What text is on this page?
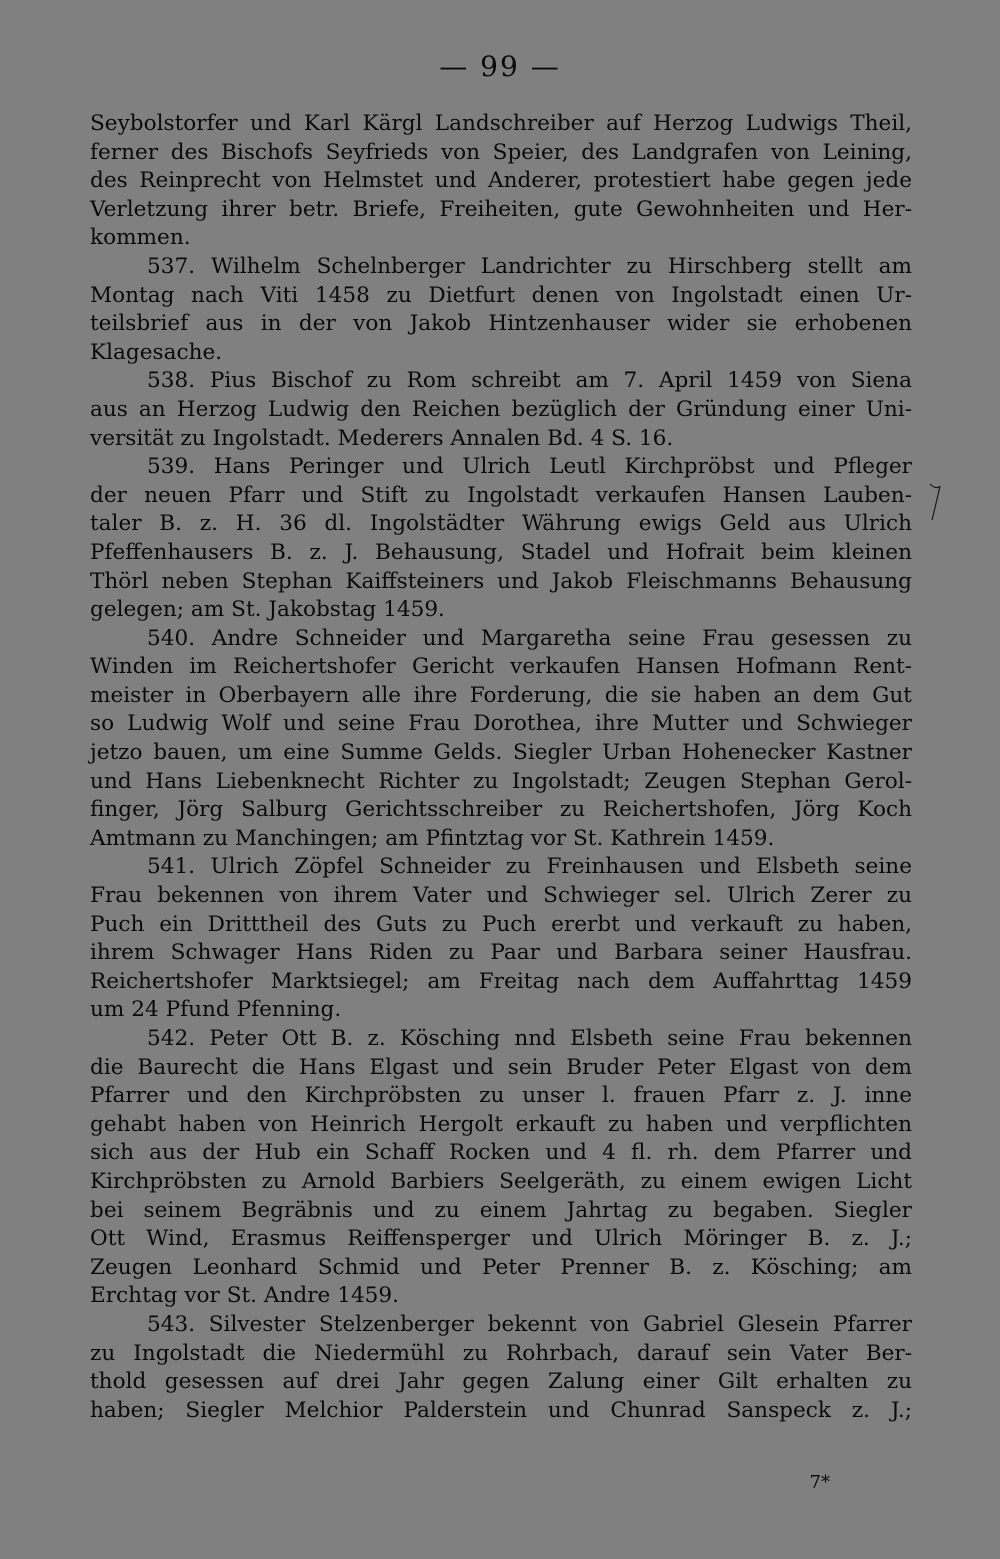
— 99 —
Seybolstorfer und Karl Kärgl Landschreiber auf Herzog Ludwigs Theil,
ferner des Bischofs Seyfrieds von Speier, des Landgrafen von Leining,
des Reinprecht von Helmstet und Anderer, protestiert habe gegen jede
Verletzung ihrer betr. Briefe, Freiheiten, gute Gewohnheiten und Her-
kommen.
537. Wilhelm Schelnberger Landrichter zu Hirschberg stellt am
Montag nach Viti 1458 zu Dietfurt denen von Ingolstadt einen Ur-
teilsbrief aus in der von Jakob Hintzenhauser wider sie erhobenen
Klagesache.
538. Pius Bischof zu Rom schreibt am 7. April 1459 von Siena
aus an Herzog Ludwig den Reichen bezüglich der Gründung einer Uni-
versität zu Ingolstadt. Mederers Annalen Bd. 4 S. 16.
539. Hans Peringer und Ulrich Leutl Kirchpröbst und Pfleger
der neuen Pfarr und Stift zu Ingolstadt verkaufen Hansen Lauben-
taler B. z. H. 36 dl. Ingolstädter Währung ewigs Geld aus Ulrich
Pfeffenhausers B. z. J. Behausung, Stadel und Hofrait beim kleinen
Thörl neben Stephan Kaiffsteiners und Jakob Fleischmanns Behausung
gelegen; am St. Jakobstag 1459.
540. Andre Schneider und Margaretha seine Frau gesessen zu
Winden im Reichertshofer Gericht verkaufen Hansen Hofmann Rent-
meister in Oberbayern alle ihre Forderung, die sie haben an dem Gut
so Ludwig Wolf und seine Frau Dorothea, ihre Mutter und Schwieger
jetzo bauen, um eine Summe Gelds. Siegler Urban Hohenecker Kastner
und Hans Liebenknecht Richter zu Ingolstadt; Zeugen Stephan Gerol-
finger, Jörg Salburg Gerichtsschreiber zu Reichertshofen, Jörg Koch
Amtmann zu Manchingen; am Pfintztag vor St. Kathrein 1459.
541. Ulrich Zöpfel Schneider zu Freinhausen und Elsbeth seine
Frau bekennen von ihrem Vater und Schwieger sel. Ulrich Zerer zu
Puch ein Dritttheil des Guts zu Puch ererbt und verkauft zu haben,
ihrem Schwager Hans Riden zu Paar und Barbara seiner Hausfrau.
Reichertshofer Marktsiegel; am Freitag nach dem Auffahrttag 1459
um 24 Pfund Pfenning.
542. Peter Ott B. z. Kösching nnd Elsbeth seine Frau bekennen
die Baurecht die Hans Elgast und sein Bruder Peter Elgast von dem
Pfarrer und den Kirchpröbsten zu unser l. frauen Pfarr z. J. inne
gehabt haben von Heinrich Hergolt erkauft zu haben und verpflichten
sich aus der Hub ein Schaff Rocken und 4 fl. rh. dem Pfarrer und
Kirchpröbsten zu Arnold Barbiers Seelgeräth, zu einem ewigen Licht
bei seinem Begräbnis und zu einem Jahrtag zu begaben. Siegler
Ott Wind, Erasmus Reiffensperger und Ulrich Möringer B. z. J.;
Zeugen Leonhard Schmid und Peter Prenner B. z. Kösching; am
Erchtag vor St. Andre 1459.
543. Silvester Stelzenberger bekennt von Gabriel Glesein Pfarrer
zu Ingolstadt die Niedermühl zu Rohrbach, darauf sein Vater Ber-
thold gesessen auf drei Jahr gegen Zalung einer Gilt erhalten zu
haben; Siegler Melchior Palderstein und Chunrad Sanspeck z. J.;
7*
